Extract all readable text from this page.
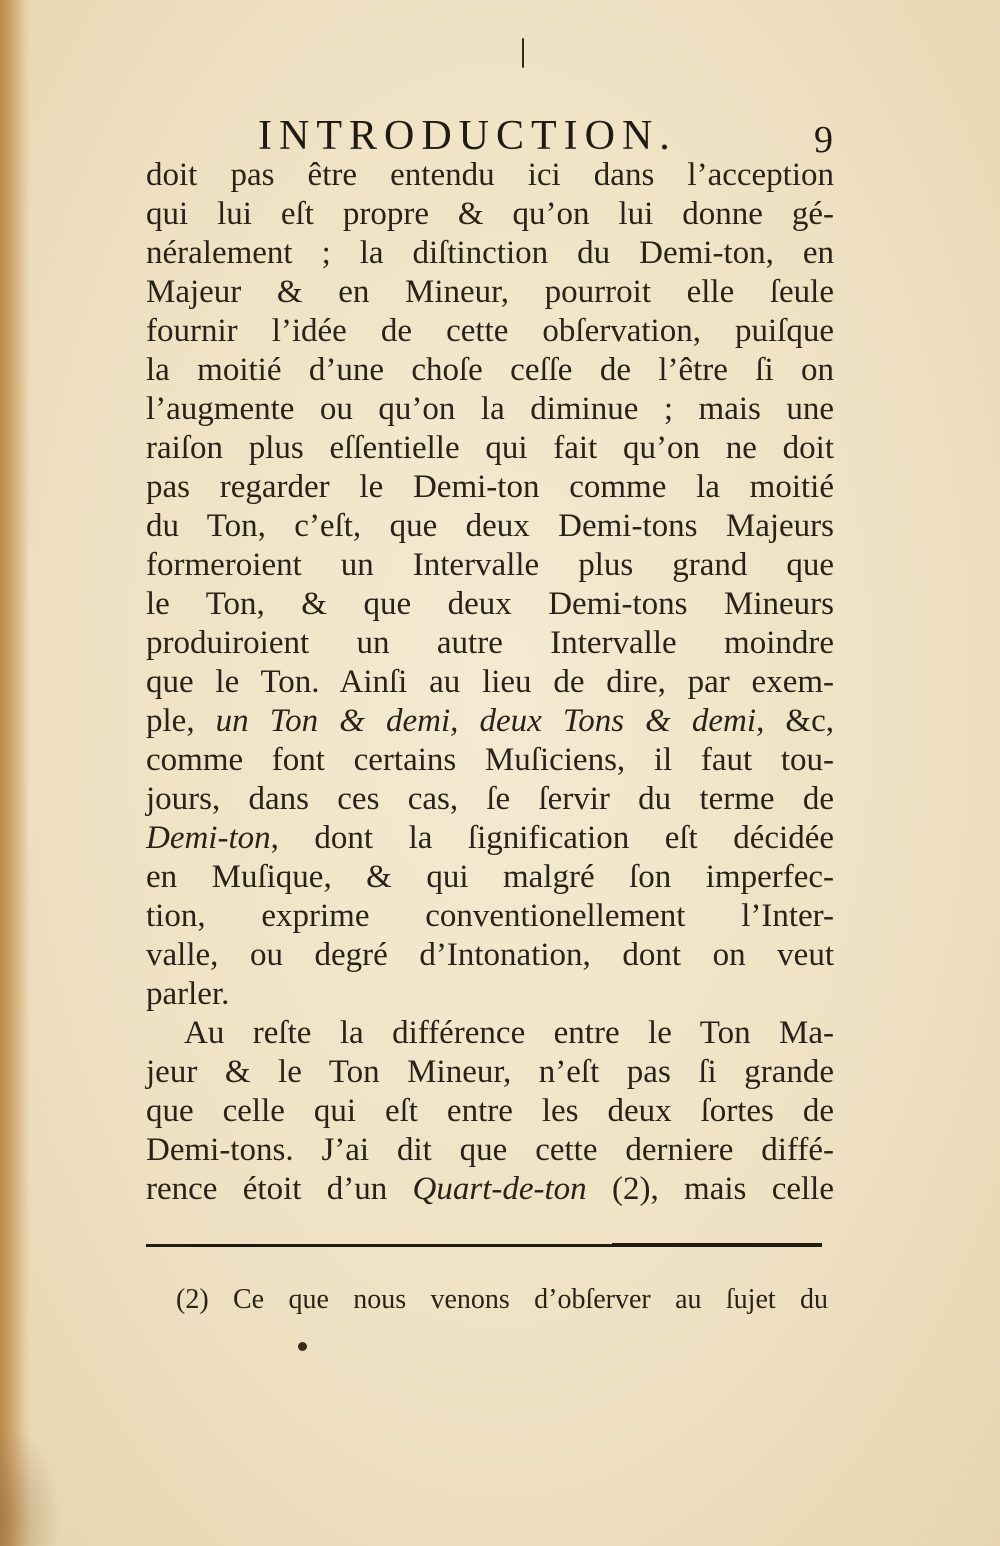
INTRODUCTION.	9
doit pas être entendu ici dans l’acception
qui lui eſt propre & qu’on lui donne gé-
néralement ; la diſtinction du Demi-ton, en
Majeur & en Mineur, pourroit elle ſeule
fournir l’idée de cette obſervation, puiſque
la moitié d’une choſe ceſſe de l’être ſi on
l’augmente ou qu’on la diminue ; mais une
raiſon plus eſſentielle qui fait qu’on ne doit
pas regarder le Demi-ton comme la moitié
du Ton, c’eſt, que deux Demi-tons Majeurs
formeroient un Intervalle plus grand que
le Ton, & que deux Demi-tons Mineurs
produiroient un autre Intervalle moindre
que le Ton. Ainſi au lieu de dire, par exem-
ple, un Ton & demi, deux Tons & demi, &c,
comme font certains Muſiciens, il faut tou-
jours, dans ces cas, ſe ſervir du terme de
Demi-ton, dont la ſignification eſt décidée
en Muſique, & qui malgré ſon imperfec-
tion, exprime conventionellement l’Inter-
valle, ou degré d’Intonation, dont on veut
parler.
Au reſte la différence entre le Ton Ma-
jeur & le Ton Mineur, n’eſt pas ſi grande
que celle qui eſt entre les deux ſortes de
Demi-tons. J’ai dit que cette derniere diffé-
rence étoit d’un Quart-de-ton (2), mais celle
(2) Ce que nous venons d’obſerver au ſujet du
